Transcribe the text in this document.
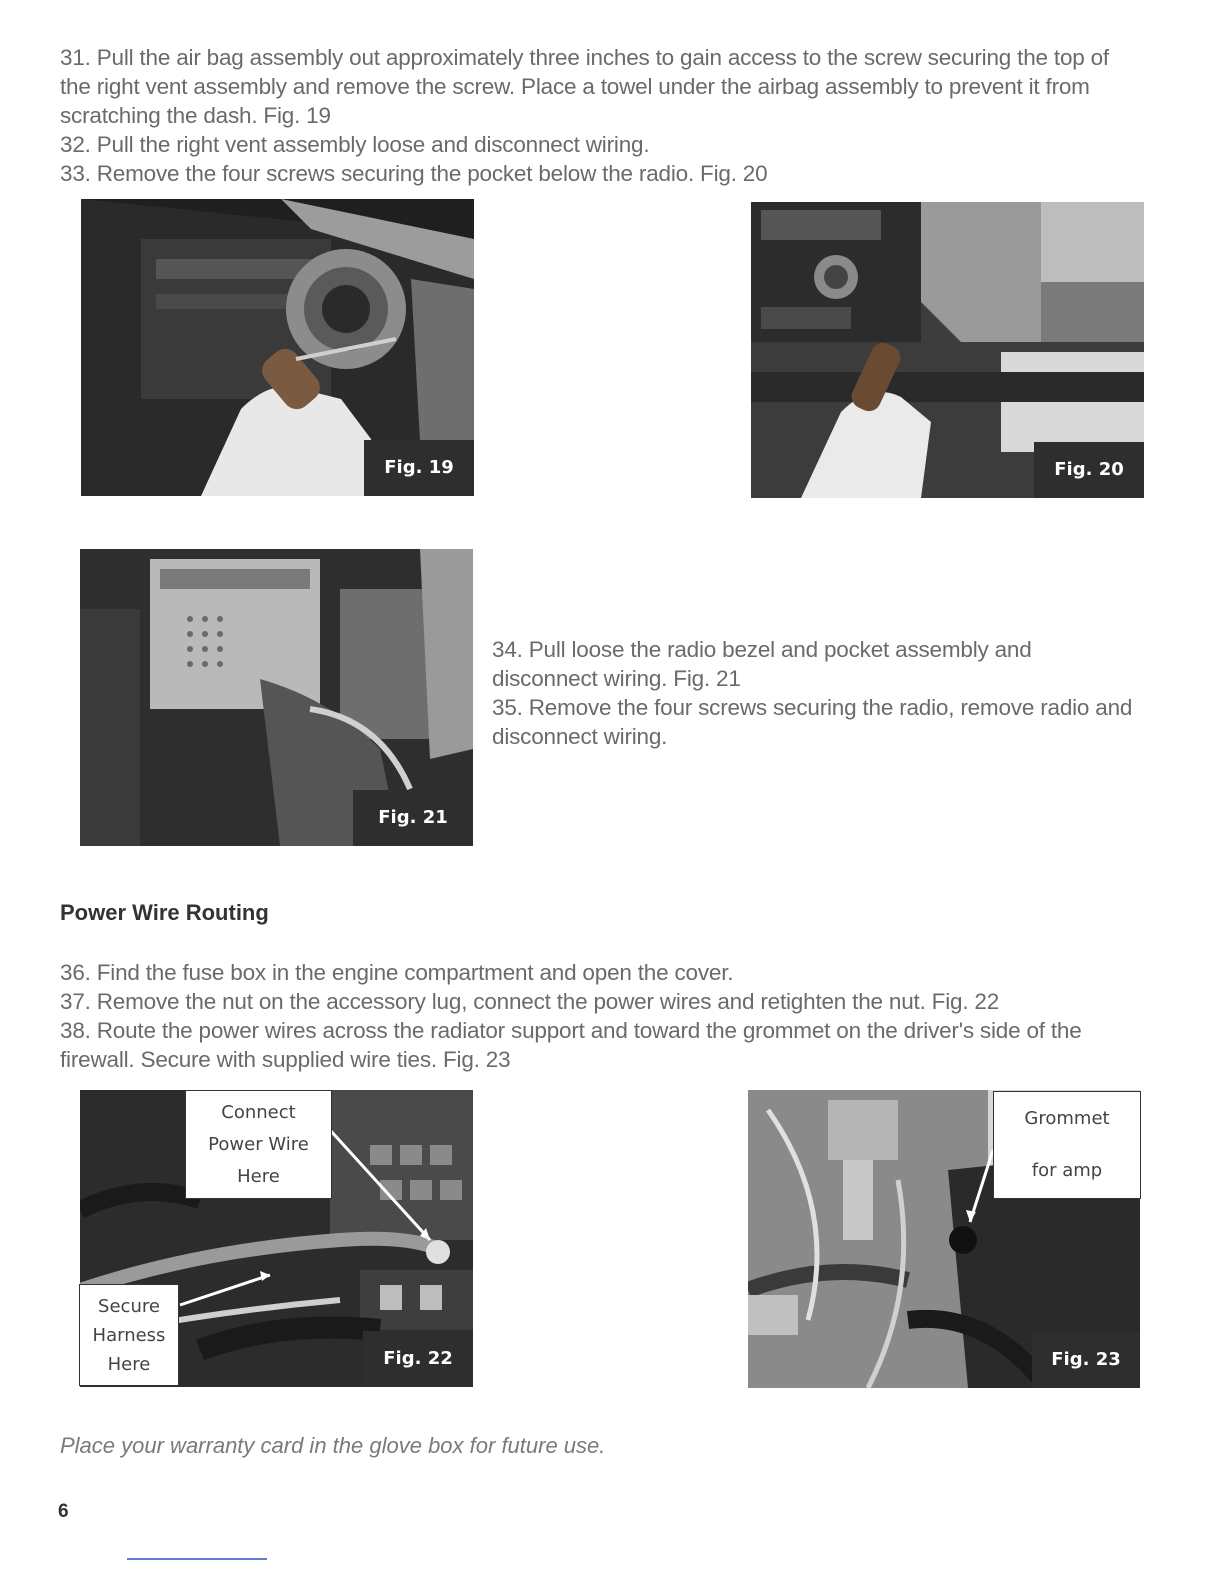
31. Pull the air bag assembly out approximately three inches to gain access to the screw securing the top of

the right vent assembly and remove the screw. Place a towel under the airbag assembly to prevent it from

scratching the dash. Fig. 19

32. Pull the right vent assembly loose and disconnect wiring.

33. Remove the four screws securing the pocket below the radio. Fig. 20

Fig. 19	Fig. 20
Fig. 21

34. Pull loose the radio bezel and pocket assembly and

disconnect wiring. Fig. 21

35. Remove the four screws securing the radio, remove radio and

disconnect wiring.

Power Wire Routing

36. Find the fuse box in the engine compartment and open the cover.

37. Remove the nut on the accessory lug, connect the power wires and retighten the nut. Fig. 22

38. Route the power wires across the radiator support and toward the grommet on the driver's side of the

firewall. Secure with supplied wire ties. Fig. 23

Fig. 22
Connect
Power Wire
Here
Secure
Harness
Here	Fig. 23
Grommet
for amp
Place your warranty card in the glove box for future use.
6
